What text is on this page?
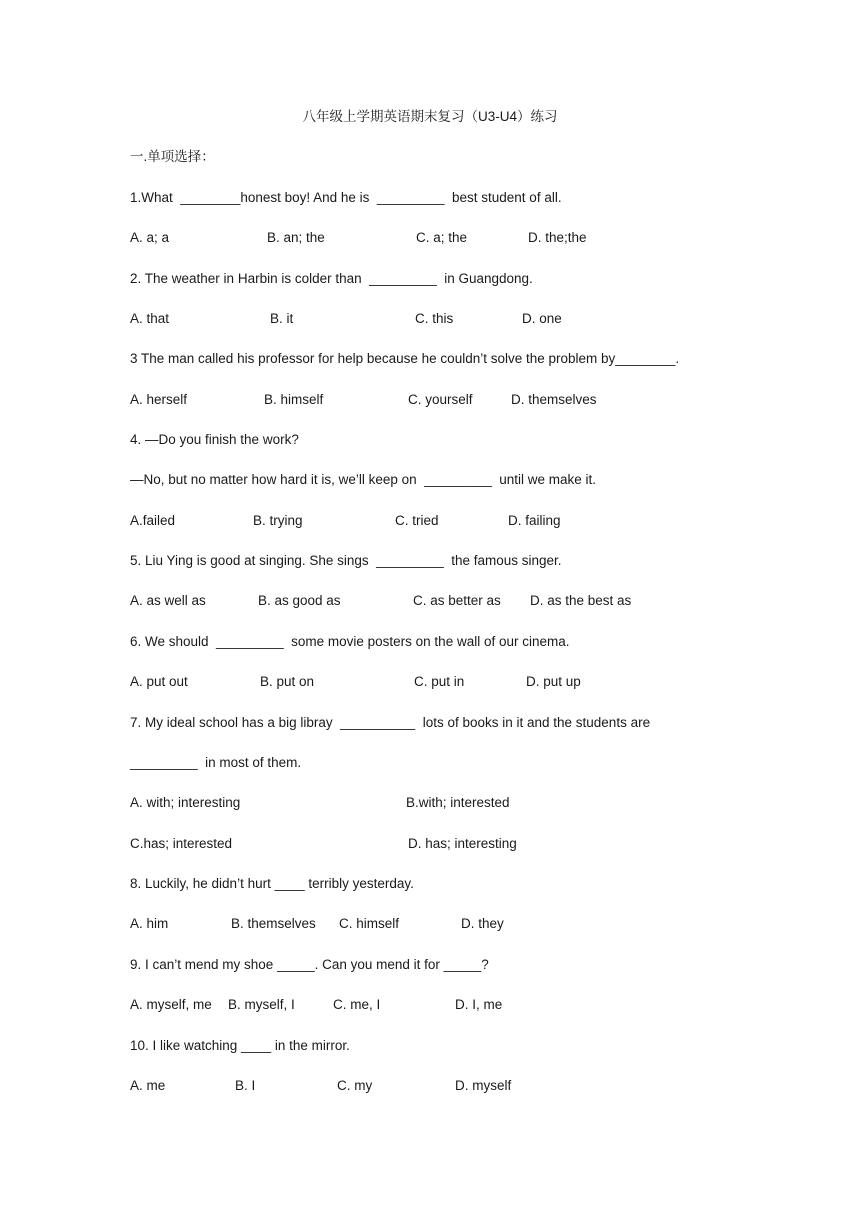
八年级上学期英语期末复习（U3-U4）练习
一.单项选择：
1.What  ________honest boy! And he is  _________  best student of all.
A. a; a	B. an; the	C. a; the	D. the;the
2. The weather in Harbin is colder than  _________  in Guangdong.
A. that	B. it	C. this	D. one
3 The man called his professor for help because he couldn’t solve the problem by________.
A. herself	B. himself	C. yourself	D. themselves
4. —Do you finish the work?
—No, but no matter how hard it is, we’ll keep on  _________  until we make it.
A.failed	B. trying	C. tried	D. failing
5. Liu Ying is good at singing. She sings  _________  the famous singer.
A. as well as	B. as good as	C. as better as D. as the best as
6. We should  _________  some movie posters on the wall of our cinema.
A. put out	B. put on	C. put in	D. put up
7. My ideal school has a big libray  __________  lots of books in it and the students are
_________  in most of them.
A. with; interesting	B.with; interested
C.has; interested	D. has; interesting
8. Luckily, he didn’t hurt ____ terribly yesterday.
A. him	B. themselves C. himself	D. they
9. I can’t mend my shoe _____. Can you mend it for _____?
A. myself, me B. myself, I	C. me, I	D. I, me
10. I like watching ____ in the mirror.
A. me	B. I	C. my	D. myself
